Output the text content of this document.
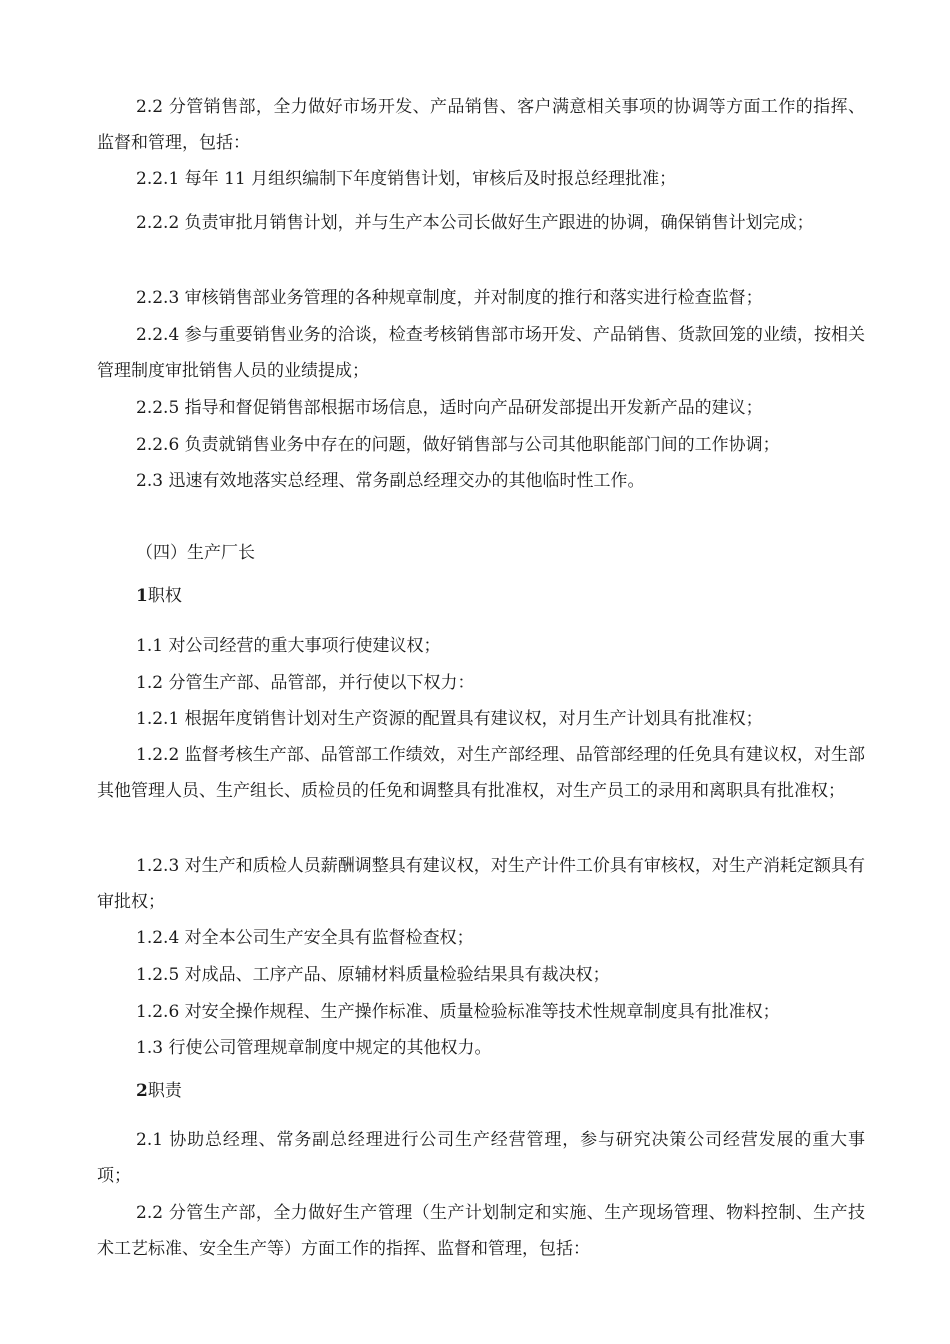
2.2 分管销售部，全力做好市场开发、产品销售、客户满意相关事项的协调等方面工作的指挥、监督和管理，包括：

2.2.1 每年 11 月组织编制下年度销售计划，审核后及时报总经理批准；

2.2.2 负责审批月销售计划，并与生产本公司长做好生产跟进的协调，确保销售计划完成；

2.2.3 审核销售部业务管理的各种规章制度，并对制度的推行和落实进行检查监督；

2.2.4 参与重要销售业务的洽谈，检查考核销售部市场开发、产品销售、货款回笼的业绩，按相关管理制度审批销售人员的业绩提成；

2.2.5 指导和督促销售部根据市场信息，适时向产品研发部提出开发新产品的建议；

2.2.6 负责就销售业务中存在的问题，做好销售部与公司其他职能部门间的工作协调；

2.3 迅速有效地落实总经理、常务副总经理交办的其他临时性工作。

（四）生产厂长

1职权

1.1 对公司经营的重大事项行使建议权；

1.2 分管生产部、品管部，并行使以下权力：

1.2.1 根据年度销售计划对生产资源的配置具有建议权，对月生产计划具有批准权；

1.2.2 监督考核生产部、品管部工作绩效，对生产部经理、品管部经理的任免具有建议权，对生部其他管理人员、生产组长、质检员的任免和调整具有批准权，对生产员工的录用和离职具有批准权；

1.2.3 对生产和质检人员薪酬调整具有建议权，对生产计件工价具有审核权，对生产消耗定额具有审批权；

1.2.4 对全本公司生产安全具有监督检查权；

1.2.5 对成品、工序产品、原辅材料质量检验结果具有裁决权；

1.2.6 对安全操作规程、生产操作标准、质量检验标准等技术性规章制度具有批准权；

1.3 行使公司管理规章制度中规定的其他权力。

2职责

2.1 协助总经理、常务副总经理进行公司生产经营管理，参与研究决策公司经营发展的重大事项；

2.2 分管生产部，全力做好生产管理（生产计划制定和实施、生产现场管理、物料控制、生产技术工艺标准、安全生产等）方面工作的指挥、监督和管理，包括：
